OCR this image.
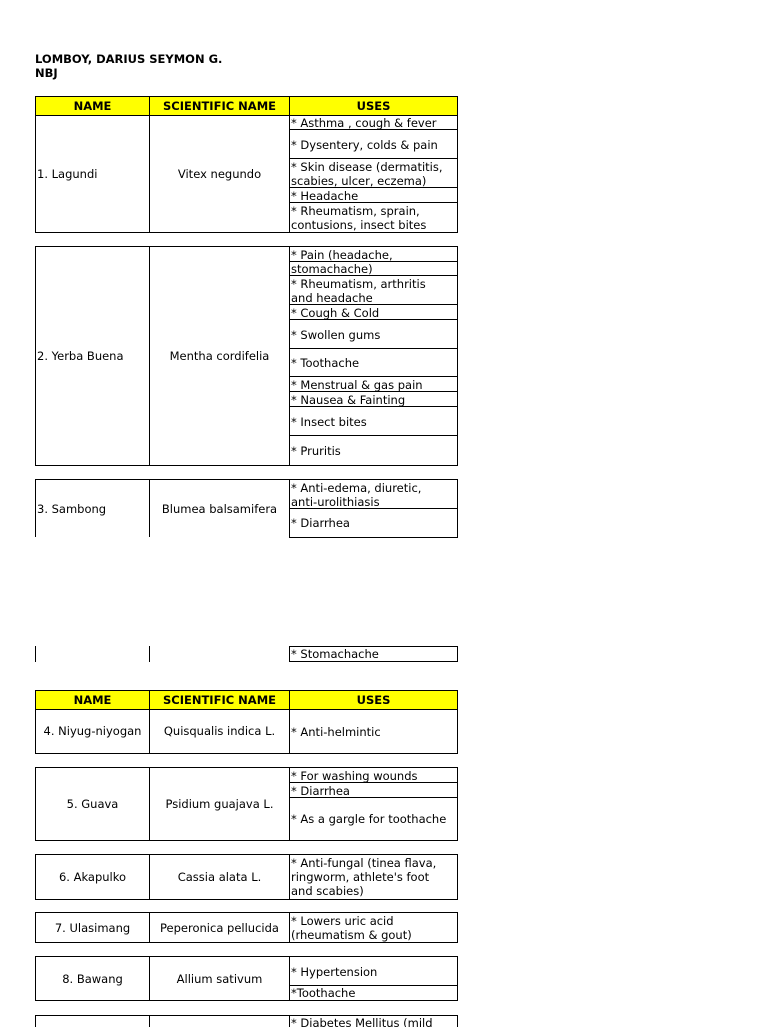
LOMBOY, DARIUS SEYMON G.
NBJ
NAME	SCIENTIFIC NAME	USES
1. Lagundi	Vitex negundo
* Asthma , cough & fever
* Dysentery, colds & pain
* Skin disease (dermatitis,
scabies, ulcer, eczema)
* Headache
* Rheumatism, sprain,
contusions, insect bites
2. Yerba Buena	Mentha cordifelia
* Pain (headache,
stomachache)
* Rheumatism, arthritis
and headache
* Cough & Cold
* Swollen gums
* Toothache
* Menstrual & gas pain
* Nausea & Fainting
* Insect bites
* Pruritis
3. Sambong	Blumea balsamifera
* Anti-edema, diuretic,
anti-urolithiasis
* Diarrhea
* Stomachache
NAME	SCIENTIFIC NAME	USES
4. Niyug-niyogan	Quisqualis indica L.	* Anti-helmintic
5. Guava	Psidium guajava L.
* For washing wounds
* Diarrhea
* As a gargle for toothache
6. Akapulko	Cassia alata L.
* Anti-fungal (tinea flava,
ringworm, athlete's foot
and scabies)
7. Ulasimang	Peperonica pellucida	* Lowers uric acid
(rheumatism & gout)
8. Bawang	Allium sativum	* Hypertension
*Toothache
* Diabetes Mellitus (mild
